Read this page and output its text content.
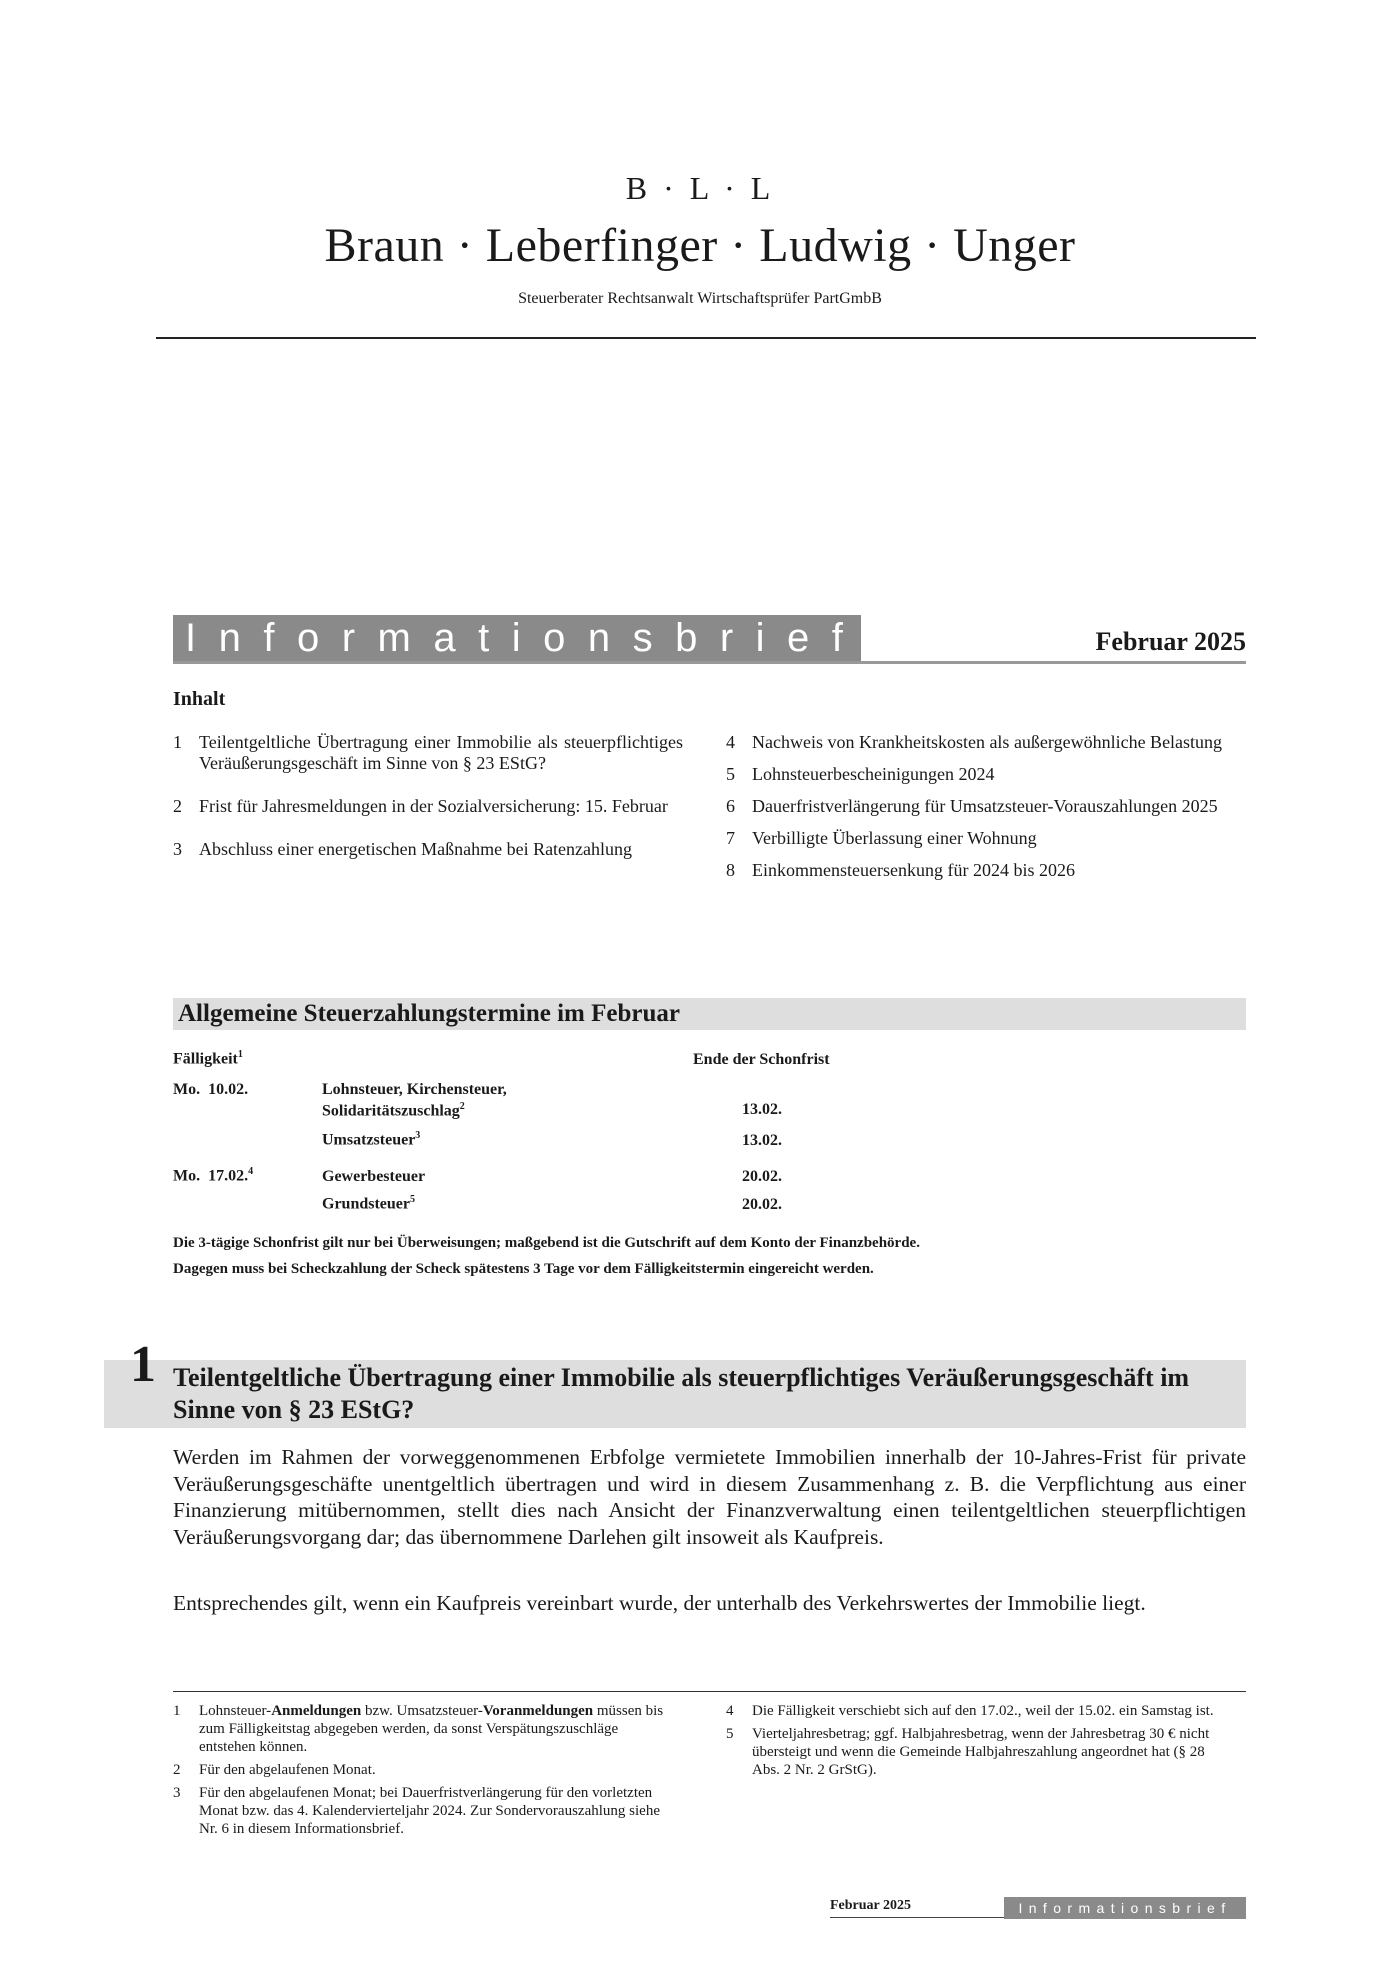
B · L · L
Braun · Leberfinger · Ludwig · Unger
Steuerberater Rechtsanwalt Wirtschaftsprüfer PartGmbB
Informationsbrief	Februar 2025
Inhalt
1 Teilentgeltliche Übertragung einer Immobilie als steuerpflichtiges Veräußerungsgeschäft im Sinne von § 23 EStG?
2 Frist für Jahresmeldungen in der Sozialversicherung: 15. Februar
3 Abschluss einer energetischen Maßnahme bei Ratenzahlung
4 Nachweis von Krankheitskosten als außergewöhnliche Belastung
5 Lohnsteuerbescheinigungen 2024
6 Dauerfristverlängerung für Umsatzsteuer-Vorauszahlungen 2025
7 Verbilligte Überlassung einer Wohnung
8 Einkommensteuersenkung für 2024 bis 2026
Allgemeine Steuerzahlungstermine im Februar
Fälligkeit$^1$	Ende der Schonfrist
Mo.  10.02.	Lohnsteuer, Kirchensteuer,
Solidaritätszuschlag$^2$	13.02.
Umsatzsteuer$^3$	13.02.
Mo.  17.02.$^4$	Gewerbesteuer	20.02.
Grundsteuer$^5$	20.02.
Die 3-tägige Schonfrist gilt nur bei Überweisungen; maßgebend ist die Gutschrift auf dem Konto der Finanzbehörde.
Dagegen muss bei Scheckzahlung der Scheck spätestens 3 Tage vor dem Fälligkeitstermin eingereicht werden.
1 Teilentgeltliche Übertragung einer Immobilie als steuerpflichtiges Veräußerungsgeschäft im Sinne von § 23 EStG?
Werden im Rahmen der vorweggenommenen Erbfolge vermietete Immobilien innerhalb der 10-Jahres-Frist für private Veräußerungsgeschäfte unentgeltlich übertragen und wird in diesem Zusammenhang z. B. die Verpflichtung aus einer Finanzierung mitübernommen, stellt dies nach Ansicht der Finanzverwaltung einen teilentgeltlichen steuerpflichtigen Veräußerungsvorgang dar; das übernommene Darlehen gilt insoweit als Kaufpreis.
Entsprechendes gilt, wenn ein Kaufpreis vereinbart wurde, der unterhalb des Verkehrswertes der Immobilie liegt.
1	Lohnsteuer-Anmeldungen bzw. Umsatzsteuer-Voranmeldungen müssen bis zum Fälligkeitstag abgegeben werden, da sonst Verspätungszuschläge entstehen können.
2	Für den abgelaufenen Monat.
3	Für den abgelaufenen Monat; bei Dauerfristverlängerung für den vorletzten Monat bzw. das 4. Kalendervierteljahr 2024. Zur Sondervorauszahlung siehe Nr. 6 in diesem Informationsbrief.
4	Die Fälligkeit verschiebt sich auf den 17.02., weil der 15.02. ein Samstag ist.
5	Vierteljahresbetrag; ggf. Halbjahresbetrag, wenn der Jahresbetrag 30 € nicht übersteigt und wenn die Gemeinde Halbjahreszahlung angeordnet hat (§ 28 Abs. 2 Nr. 2 GrStG).
Februar 2025	Informationsbrief
